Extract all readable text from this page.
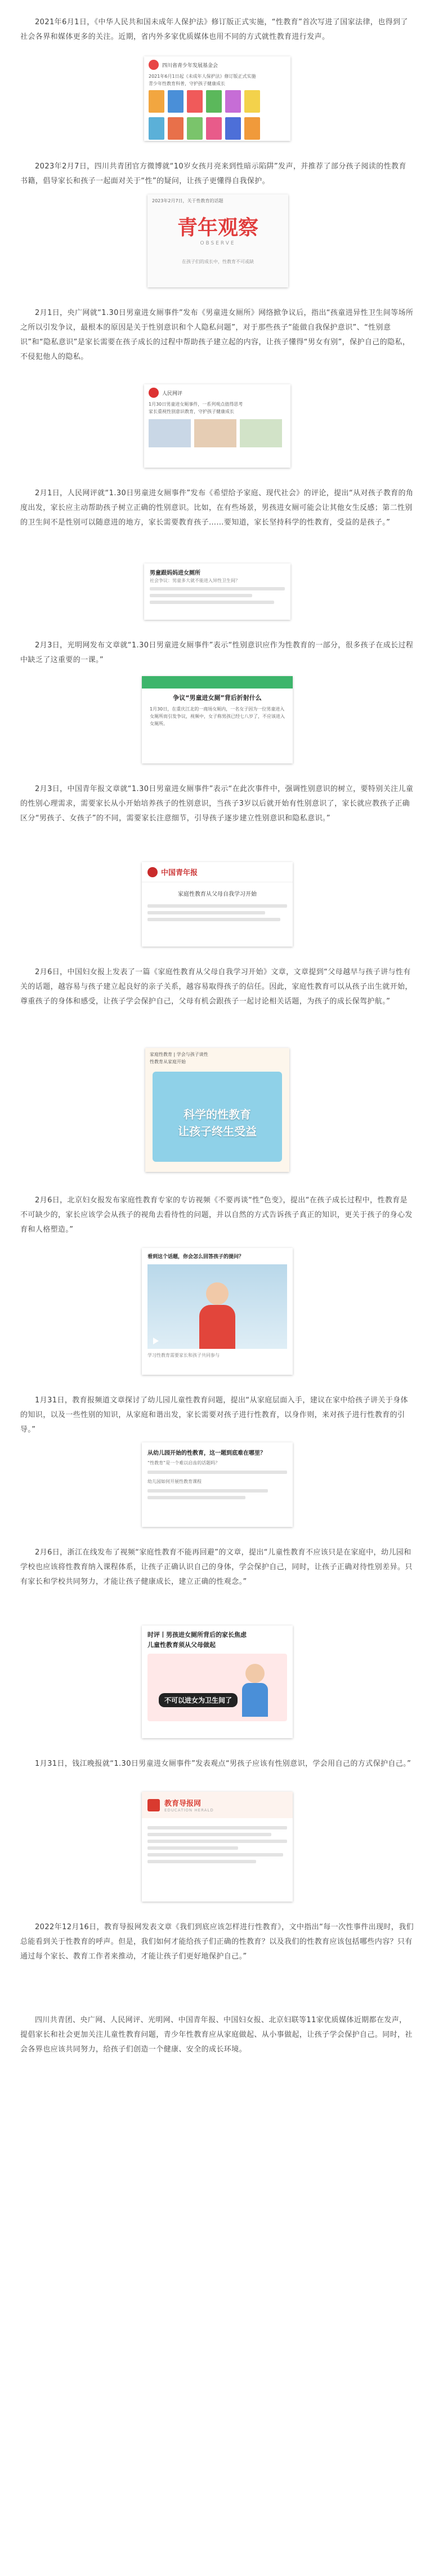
2021年6月1日，《中华人民共和国未成年人保护法》修订版正式实施，“性教育”首次写进了国家法律，也得到了社会各界和媒体更多的关注。近期，省内外多家优质媒体也用不同的方式就性教育进行发声。

四川省青少年发展基金会
2021年6月1日起《未成年人保护法》修订版正式实施
青少年性教育科普，守护孩子健康成长

2023年2月7日，四川共青团官方微博就“10岁女孩月亮来到性暗示陷阱”发声，并推荐了部分孩子阅读的性教育书籍，倡导家长和孩子一起面对关于“性”的疑问，让孩子更懂得自我保护。

2023年2月7日，关于性教育的话题
青年观察
OBSERVE
在孩子们的成长中，性教育不可或缺

2月1日，央广网就“1.30日男童进女厕事件”发布《男童进女厕所》网络掀争议后，指出“孩童进异性卫生间等场所之所以引发争议，最根本的原因是关于性别意识和个人隐私问题”，对于那些孩子“能做自我保护意识”、“性别意识”和“隐私意识”是家长需要在孩子成长的过程中帮助孩子建立起的内容，让孩子懂得“男女有别”，保护自己的隐私，不侵犯他人的隐私。

人民网评
1月30日男童进女厕事件，一系列观点值得思考
家长重视性别意识教育，守护孩子健康成长

2月1日，人民网评就“1.30日男童进女厕事件”发布《希望给予家庭、现代社会》的评论，提出“从对孩子教育的角度出发，家长应主动帮助孩子树立正确的性别意识。比如，在有些场景，男孩进女厕可能会让其他女生反感；第二性别的卫生间不是性别可以随意进的地方，家长需要教育孩子……要知道，家长坚持科学的性教育，受益的是孩子。”

男童跟妈妈进女厕所
社会争议：男童多大就不能进入异性卫生间？

2月3日，光明网发布文章就“1.30日男童进女厕事件”表示“性别意识应作为性教育的一部分，很多孩子在成长过程中缺乏了这重要的一课。”

争议“男童进女厕”背后折射什么
1月30日，在重庆江北的一商场女厕内，一名女子因为一位男童进入女厕所而引发争议，视频中，女子称男孩已经七八岁了，不应该进入女厕所。

2月3日，中国青年报文章就“1.30日男童进女厕事件”表示“在此次事件中，强调性别意识的树立，要特别关注儿童的性别心理需求，需要家长从小开始培养孩子的性别意识，当孩子3岁以后就开始有性别意识了，家长就应教孩子正确区分“男孩子、女孩子”的不同，需要家长注意细节，引导孩子逐步建立性别意识和隐私意识。”

中国青年报
家庭性教育从父母自我学习开始

2月6日，中国妇女报上发表了一篇《家庭性教育从父母自我学习开始》文章，文章提到“父母越早与孩子讲与性有关的话题，越容易与孩子建立起良好的亲子关系，越容易取得孩子的信任。因此，家庭性教育可以从孩子出生就开始，尊重孩子的身体和感受，让孩子学会保护自己，父母有机会跟孩子一起讨论相关话题，为孩子的成长保驾护航。”

家庭性教育 | 学会与孩子谈性
性教育从家庭开始
科学的性教育
让孩子终生受益

2月6日，北京妇女报发布家庭性教育专家的专访视频《不要再谈“性”色变》，提出“在孩子成长过程中，性教育是不可缺少的，家长应该学会从孩子的视角去看待性的问题，并以自然的方式告诉孩子真正的知识，更关于孩子的身心发育和人格塑造。”

看到这个话题，你会怎么回答孩子的提问？
学习性教育需要家长和孩子共同参与

1月31日，教育报频道文章探讨了幼儿园儿童性教育问题，提出“从家庭层面入手，建议在家中给孩子讲关于身体的知识，以及一些性别的知识，从家庭和谐出发，家长需要对孩子进行性教育，以身作则，来对孩子进行性教育的引导。”

从幼儿园开始的性教育，这一题到底难在哪里？
“性教育”是一个难以启齿的话题吗？
幼儿园如何开展性教育课程

2月6日，浙江在线发布了视频“家庭性教育不能再回避”的文章，提出“儿童性教育不应该只是在家庭中，幼儿园和学校也应该将性教育纳入课程体系，让孩子正确认识自己的身体，学会保护自己，同时，让孩子正确对待性别差异。只有家长和学校共同努力，才能让孩子健康成长，建立正确的性观念。”

时评丨男孩进女厕所背后的家长焦虑
儿童性教育须从父母做起
不可以进女为卫生间了

1月31日，钱江晚报就“1.30日男童进女厕事件”发表观点“男孩子应该有性别意识，学会用自己的方式保护自己。”

教育导报网
EDUCATION HERALD

2022年12月16日，教育导报网发表文章《我们到底应该怎样进行性教育》，文中指出“每一次性事件出现时，我们总能看到关于性教育的呼声。但是，我们如何才能给孩子们正确的性教育？以及我们的性教育应该包括哪些内容？只有通过每个家长、教育工作者来推动，才能让孩子们更好地保护自己。”

四川共青团、央广网、人民网评、光明网、中国青年报、中国妇女报、北京妇联等11家优质媒体近期都在发声，提倡家长和社会更加关注儿童性教育问题，青少年性教育应从家庭做起、从小事做起，让孩子学会保护自己。同时，社会各界也应该共同努力，给孩子们创造一个健康、安全的成长环境。
